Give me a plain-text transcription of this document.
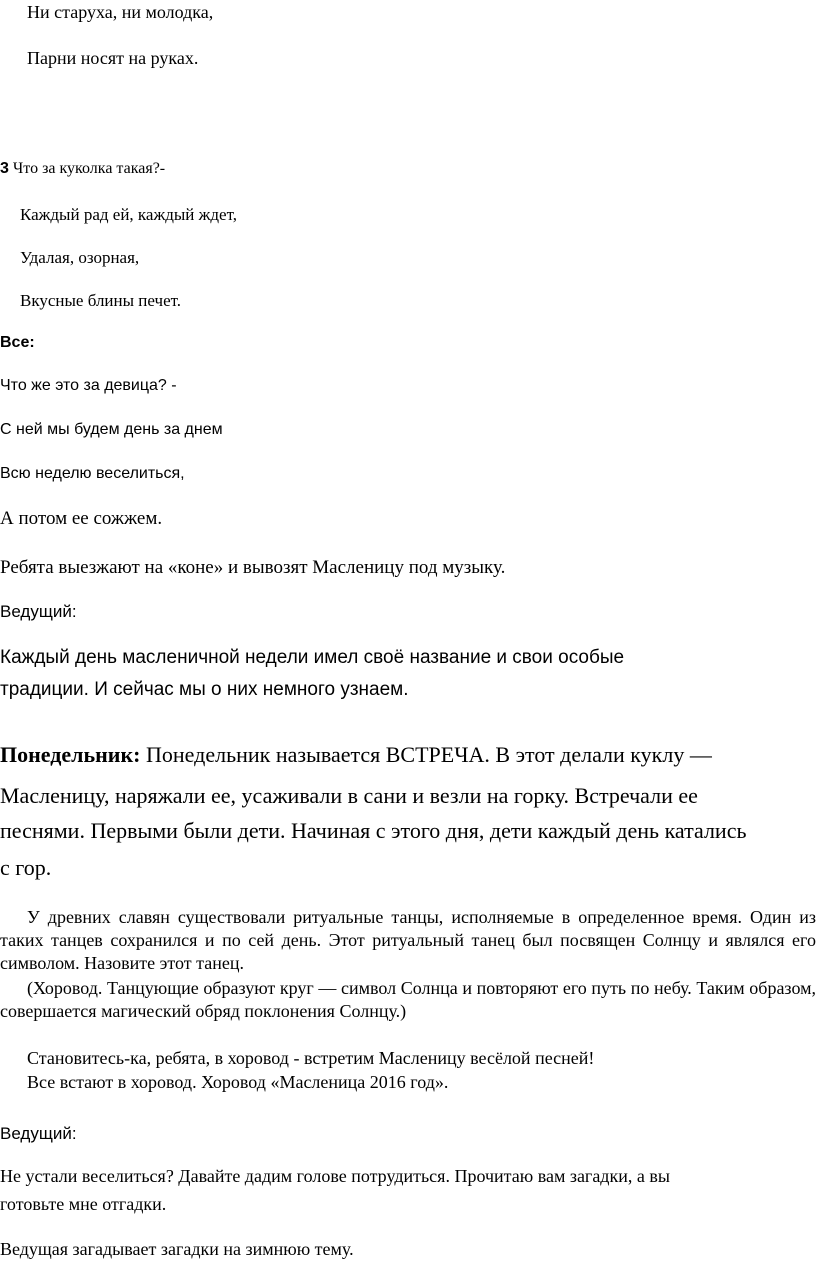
Ни старуха, ни молодка,
Парни носят на руках.
3 Что за куколка такая?-
Каждый рад ей, каждый ждет,
Удалая, озорная,
Вкусные блины печет.
Все:
Что же это за девица? -
С ней мы будем день за днем
Всю неделю веселиться,
А потом ее сожжем.
Ребята выезжают на «коне» и вывозят Масленицу под музыку.
Ведущий:
Каждый день масленичной недели имел своё название и свои особые
традиции. И сейчас мы о них немного узнаем.
Понедельник: Понедельник называется ВСТРЕЧА. В этот делали куклу —
Масленицу, наряжали ее, усаживали в сани и везли на горку. Встречали ее
песнями. Первыми были дети. Начиная с этого дня, дети каждый день катались
с гор.
У древних славян существовали ритуальные танцы, исполняемые в определенное время. Один из таких танцев сохранился и по сей день. Этот ритуальный танец был посвящен Солнцу и являлся его символом. Назовите этот танец.
(Хоровод. Танцующие образуют круг — символ Солнца и повторяют его путь по небу. Таким образом, совершается магический обряд поклонения Солнцу.)
Становитесь-ка, ребята, в хоровод - встретим Масленицу весёлой песней!
Все встают в хоровод. Хоровод «Масленица 2016 год».
Ведущий:
Не устали веселиться? Давайте дадим голове потрудиться. Прочитаю вам загадки, а вы
готовьте мне отгадки.
Ведущая загадывает загадки на зимнюю тему.
